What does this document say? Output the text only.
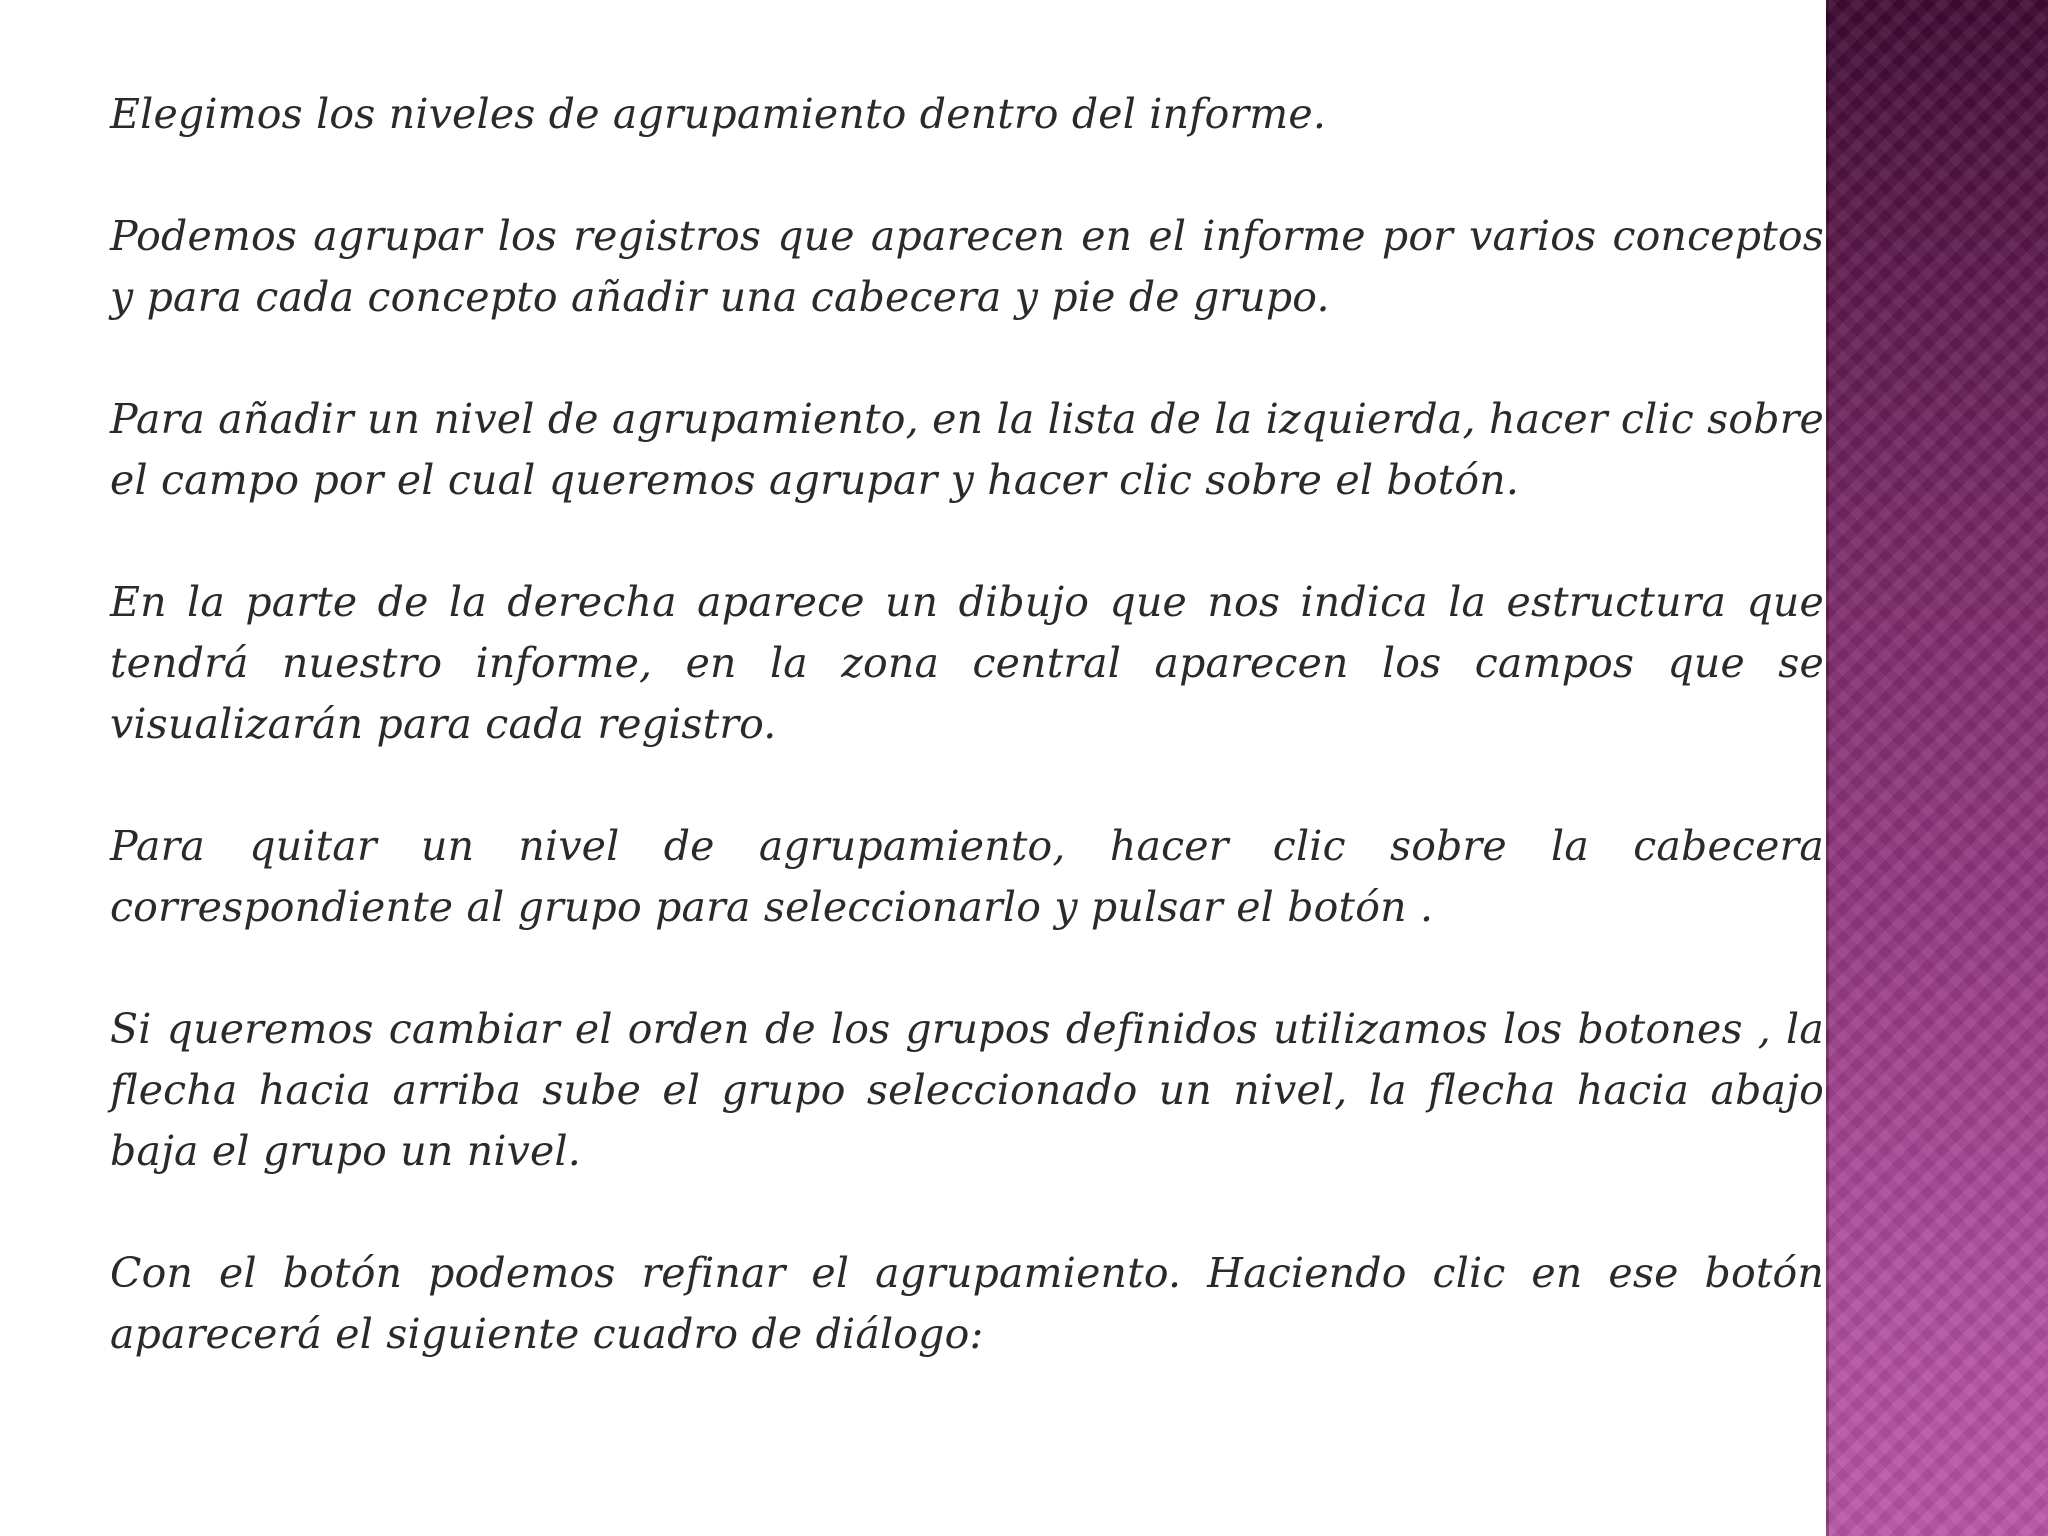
Elegimos los niveles de agrupamiento dentro del informe.

Podemos agrupar los registros que aparecen en el informe por varios conceptos y para cada concepto añadir una cabecera y pie de grupo.

Para añadir un nivel de agrupamiento, en la lista de la izquierda, hacer clic sobre el campo por el cual queremos agrupar y hacer clic sobre el botón.

En la parte de la derecha aparece un dibujo que nos indica la estructura que tendrá nuestro informe, en la zona central aparecen los campos que se visualizarán para cada registro.

Para quitar un nivel de agrupamiento, hacer clic sobre la cabecera correspondiente al grupo para seleccionarlo y pulsar el botón .

Si queremos cambiar el orden de los grupos definidos utilizamos los botones , la flecha hacia arriba sube el grupo seleccionado un nivel, la flecha hacia abajo baja el grupo un nivel.

Con el botón podemos refinar el agrupamiento. Haciendo clic en ese botón aparecerá el siguiente cuadro de diálogo:
